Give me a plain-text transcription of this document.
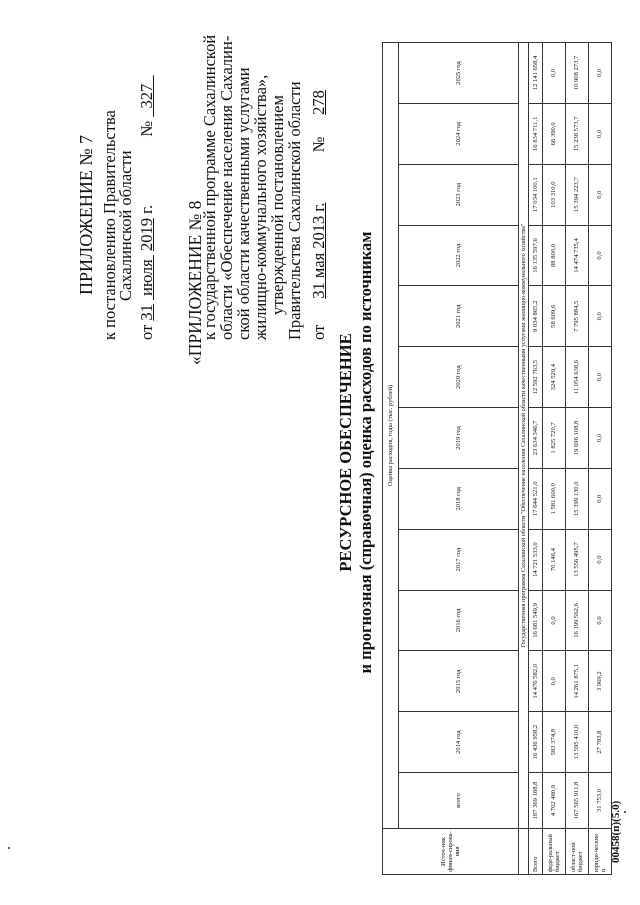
ПРИЛОЖЕНИЕ № 7 к постановлению Правительства
Сахалинской области
от 31  июля  2019 г.  №   327
«ПРИЛОЖЕНИЕ № 8
к государственной программе Сахалинской
области «Обеспечение населения Сахалин-
ской области качественными услугами
жилищно-коммунального хозяйства»,
утвержденной постановлением
Правительства Сахалинской области от 31 мая 2013 г.  № 278
РЕСУРСНОЕ ОБЕСПЕЧЕНИЕ и прогнозная (справочная) оценка расходов по источникам
Источ-ник финан-сирова-ния	Оценка расходов, годы (тыс. рублей)												
	всего	2014 год	2015 год	2016 год	2017 год	2018 год	2019 год	2020 год	2021 год	2022 год	2023 год	2024 год	2025 год
	Государственная программа Сахалинской области "Обеспечение населения Сахалинской области качественными услугами жилищно-коммунального хозяйства"												
Всего	187 369 188,8	16 436 958,2	14 476 582,0	16 681 549,9	14 721 533,0	17 644 521,0	23 634 346,7	12 592 763,5	9 034 865,2	16 135 597,6	17 034 100,1	16 834 711,1	12 141 658,4
феде-ральный бюджет	4 702 480,9	583 374,8	0,0	0,0	70 146,4	1 581 600,0	1 825 720,7	324 529,4	58 609,6	88 800,0	103 310,0	66 390,0	0,0
област-ной бюджет	167 565 911,8	13 595 410,0	14 261 875,1	16 199 562,6	13 556 495,7	15 399 130,0	19 696 108,8	11 054 638,6	7 795 884,5	14 474 735,4	15 394 223,7	15 238 573,7	10 908 273,7
юриди-ческие и	31 753,0	27 783,8	3 969,2	0,0	0,0	0,0	0,0	0,0	0,0	0,0	0,0	0,0	0,0
00458(п)(5.0)
